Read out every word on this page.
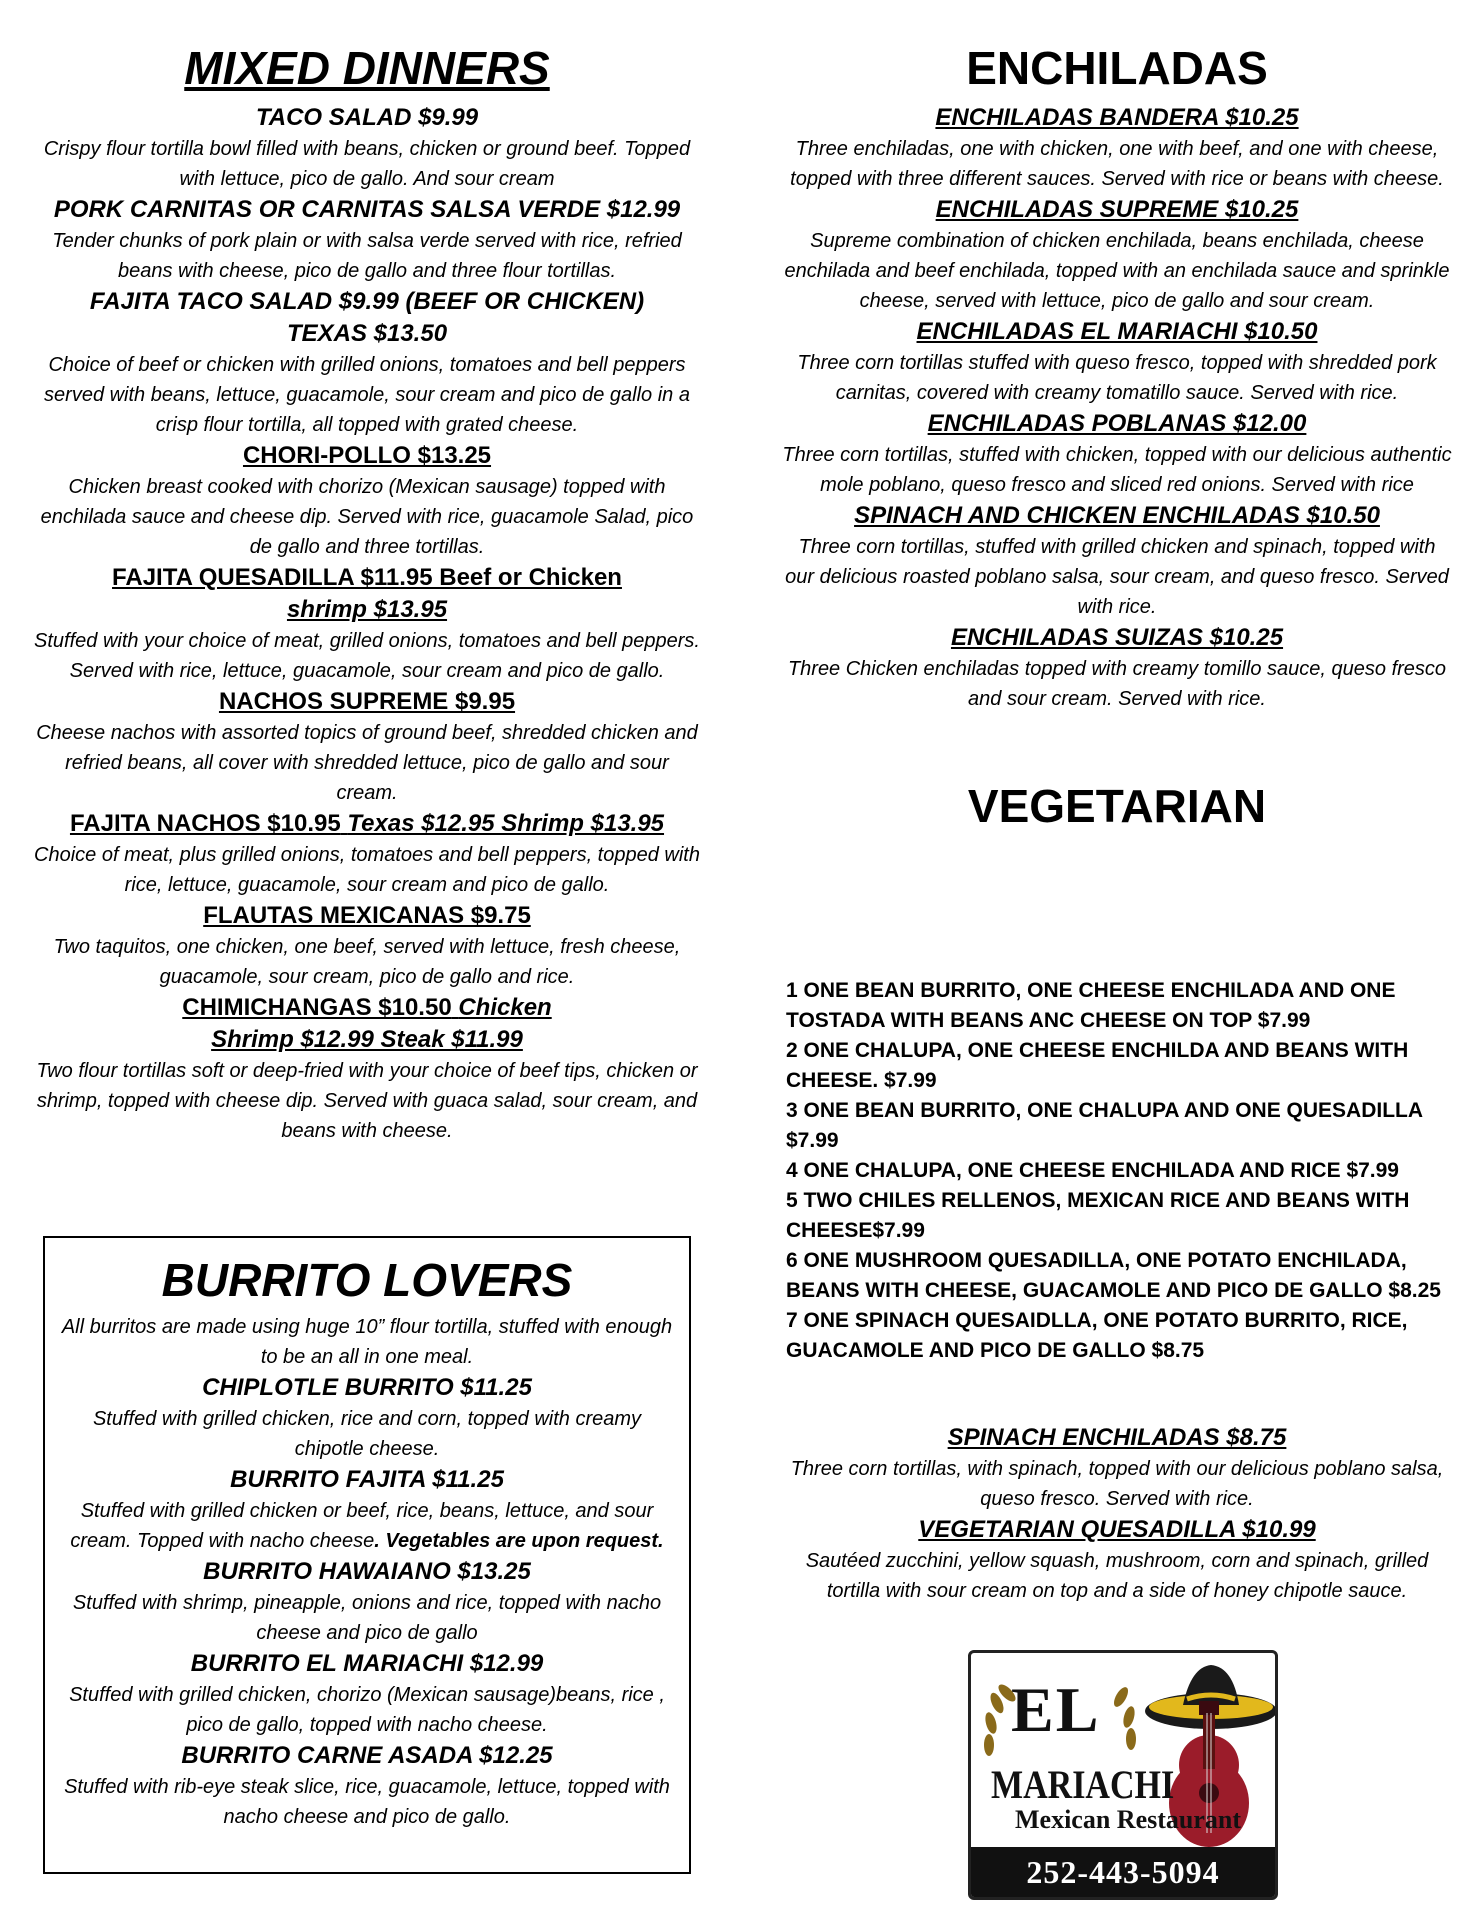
MIXED DINNERS

TACO SALAD $9.99

Crispy flour tortilla bowl filled with beans, chicken or ground beef. Topped with lettuce, pico de gallo. And sour cream

PORK CARNITAS OR CARNITAS SALSA VERDE $12.99

Tender chunks of pork plain or with salsa verde served with rice, refried beans with cheese, pico de gallo and three flour tortillas.

FAJITA TACO SALAD $9.99 (BEEF OR CHICKEN)

TEXAS $13.50

Choice of beef or chicken with grilled onions, tomatoes and bell peppers served with beans, lettuce, guacamole, sour cream and pico de gallo in a crisp flour tortilla, all topped with grated cheese.

CHORI-POLLO $13.25

Chicken breast cooked with chorizo (Mexican sausage) topped with enchilada sauce and cheese dip. Served with rice, guacamole Salad, pico de gallo and three tortillas.

FAJITA QUESADILLA $11.95 Beef or Chicken

shrimp $13.95

Stuffed with your choice of meat, grilled onions, tomatoes and bell peppers. Served with rice, lettuce, guacamole, sour cream and pico de gallo.

NACHOS SUPREME $9.95

Cheese nachos with assorted topics of ground beef, shredded chicken and refried beans, all cover with shredded lettuce, pico de gallo and sour cream.

FAJITA NACHOS $10.95 Texas $12.95 Shrimp $13.95

Choice of meat, plus grilled onions, tomatoes and bell peppers, topped with rice, lettuce, guacamole, sour cream and pico de gallo.

FLAUTAS MEXICANAS $9.75

Two taquitos, one chicken, one beef, served with lettuce, fresh cheese, guacamole, sour cream, pico de gallo and rice.

CHIMICHANGAS $10.50 Chicken

Shrimp $12.99 Steak $11.99

Two flour tortillas soft or deep-fried with your choice of beef tips, chicken or shrimp, topped with cheese dip. Served with guaca salad, sour cream, and beans with cheese.

BURRITO LOVERS

All burritos are made using huge 10” flour tortilla, stuffed with enough to be an all in one meal.

CHIPLOTLE BURRITO $11.25

Stuffed with grilled chicken, rice and corn, topped with creamy chipotle cheese.

BURRITO FAJITA $11.25

Stuffed with grilled chicken or beef, rice, beans, lettuce, and sour cream. Topped with nacho cheese. Vegetables are upon request.

BURRITO HAWAIANO $13.25

Stuffed with shrimp, pineapple, onions and rice, topped with nacho cheese and pico de gallo

BURRITO EL MARIACHI $12.99

Stuffed with grilled chicken, chorizo (Mexican sausage)beans, rice , pico de gallo, topped with nacho cheese.

BURRITO CARNE ASADA $12.25

Stuffed with rib-eye steak slice, rice, guacamole, lettuce, topped with nacho cheese and pico de gallo.

ENCHILADAS

ENCHILADAS BANDERA $10.25

Three enchiladas, one with chicken, one with beef, and one with cheese, topped with three different sauces. Served with rice or beans with cheese.

ENCHILADAS SUPREME $10.25

Supreme combination of chicken enchilada, beans enchilada, cheese enchilada and beef enchilada, topped with an enchilada sauce and sprinkle cheese, served with lettuce, pico de gallo and sour cream.

ENCHILADAS EL MARIACHI $10.50

Three corn tortillas stuffed with queso fresco, topped with shredded pork carnitas, covered with creamy tomatillo sauce. Served with rice.

ENCHILADAS POBLANAS $12.00

Three corn tortillas, stuffed with chicken, topped with our delicious authentic mole poblano, queso fresco and sliced red onions. Served with rice

SPINACH AND CHICKEN ENCHILADAS $10.50

Three corn tortillas, stuffed with grilled chicken and spinach, topped with our delicious roasted poblano salsa, sour cream, and queso fresco. Served with rice.

ENCHILADAS SUIZAS $10.25

Three Chicken enchiladas topped with creamy tomillo sauce, queso fresco and sour cream. Served with rice.

VEGETARIAN

1 ONE BEAN BURRITO, ONE CHEESE ENCHILADA AND ONE TOSTADA WITH BEANS ANC CHEESE ON TOP $7.99

2 ONE CHALUPA, ONE CHEESE ENCHILDA AND BEANS WITH CHEESE. $7.99

3 ONE BEAN BURRITO, ONE CHALUPA AND ONE QUESADILLA $7.99

4 ONE CHALUPA, ONE CHEESE ENCHILADA AND RICE $7.99

5 TWO CHILES RELLENOS, MEXICAN RICE AND BEANS WITH CHEESE$7.99

6 ONE MUSHROOM QUESADILLA, ONE POTATO ENCHILADA, BEANS WITH CHEESE, GUACAMOLE AND PICO DE GALLO $8.25

7 ONE SPINACH QUESAIDLLA, ONE POTATO BURRITO, RICE, GUACAMOLE AND PICO DE GALLO $8.75

SPINACH ENCHILADAS $8.75

Three corn tortillas, with spinach, topped with our delicious poblano salsa, queso fresco. Served with rice.

VEGETARIAN QUESADILLA $10.99

Sautéed zucchini, yellow squash, mushroom, corn and spinach, grilled tortilla with sour cream on top and a side of honey chipotle sauce.

EL
MARIACHI
Mexican Restaurant
252-443-5094
